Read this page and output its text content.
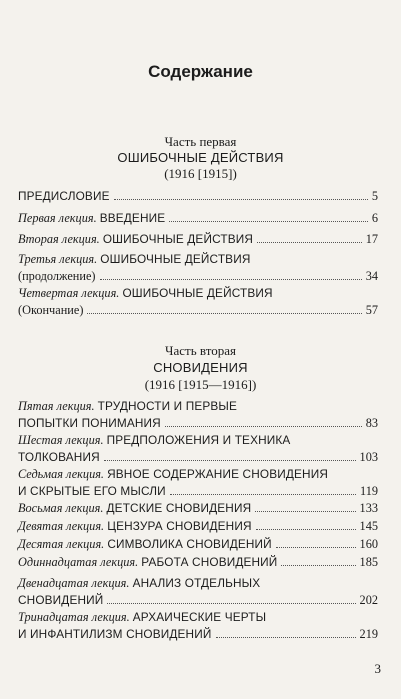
Содержание
Часть первая
ОШИБОЧНЫЕ ДЕЙСТВИЯ
(1916 [1915])
ПРЕДИСЛОВИЕ	5
Первая лекция.
ВВЕДЕНИЕ	6
Вторая лекция.
ОШИБОЧНЫЕ ДЕЙСТВИЯ	17
Третья лекция.
ОШИБОЧНЫЕ ДЕЙСТВИЯ
(продолжение)	34
Четвертая лекция.
ОШИБОЧНЫЕ ДЕЙСТВИЯ
(Окончание)	57
Часть вторая
СНОВИДЕНИЯ
(1916 [1915—1916])
Пятая лекция.
ТРУДНОСТИ И ПЕРВЫЕ
ПОПЫТКИ ПОНИМАНИЯ	83
Шестая лекция.
ПРЕДПОЛОЖЕНИЯ И ТЕХНИКА
ТОЛКОВАНИЯ	103
Седьмая лекция.
ЯВНОЕ СОДЕРЖАНИЕ СНОВИДЕНИЯ
И СКРЫТЫЕ ЕГО МЫСЛИ	119
Восьмая лекция.
ДЕТСКИЕ СНОВИДЕНИЯ	133
Девятая лекция.
ЦЕНЗУРА СНОВИДЕНИЯ	145
Десятая лекция.
СИМВОЛИКА СНОВИДЕНИЙ	160
Одиннадцатая лекция.
РАБОТА СНОВИДЕНИЙ	185
Двенадцатая лекция.
АНАЛИЗ ОТДЕЛЬНЫХ
СНОВИДЕНИЙ	202
Тринадцатая лекция.
АРХАИЧЕСКИЕ ЧЕРТЫ
И ИНФАНТИЛИЗМ СНОВИДЕНИЙ	219
3
